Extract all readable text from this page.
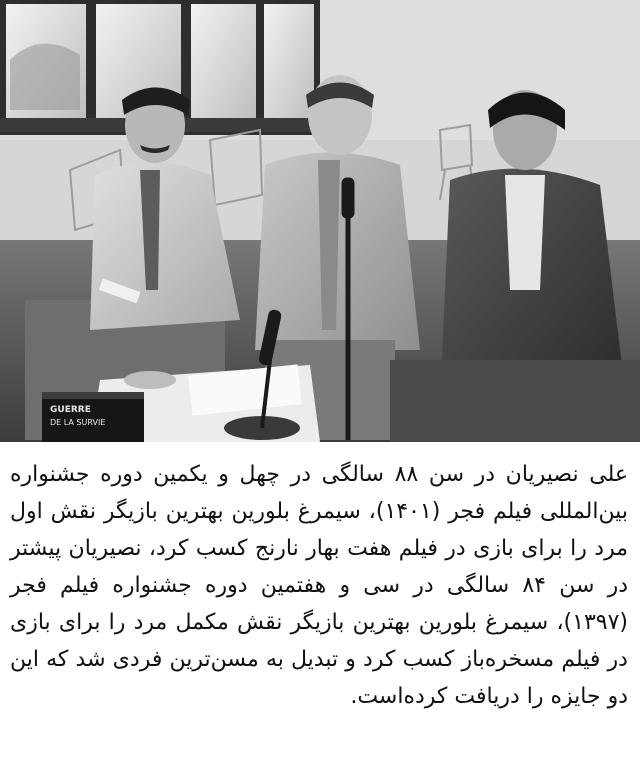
GUERRE
DE LA SURVIE
علی نصیریان در سن ۸۸ سالگی در چهل و یکمین دوره جشنواره بین‌المللی فیلم فجر (۱۴۰۱)، سیمرغ بلورین بهترین بازیگر نقش اول مرد را برای بازی در فیلم هفت بهار نارنج کسب کرد، نصیریان پیشتر در سن ۸۴ سالگی در سی و هفتمین دوره جشنواره فیلم فجر (۱۳۹۷)، سیمرغ بلورین بهترین بازیگر نقش مکمل مرد را برای بازی در فیلم مسخره‌باز کسب کرد و تبدیل به مسن‌ترین فردی شد که این دو جایزه را دریافت کرده‌است.
